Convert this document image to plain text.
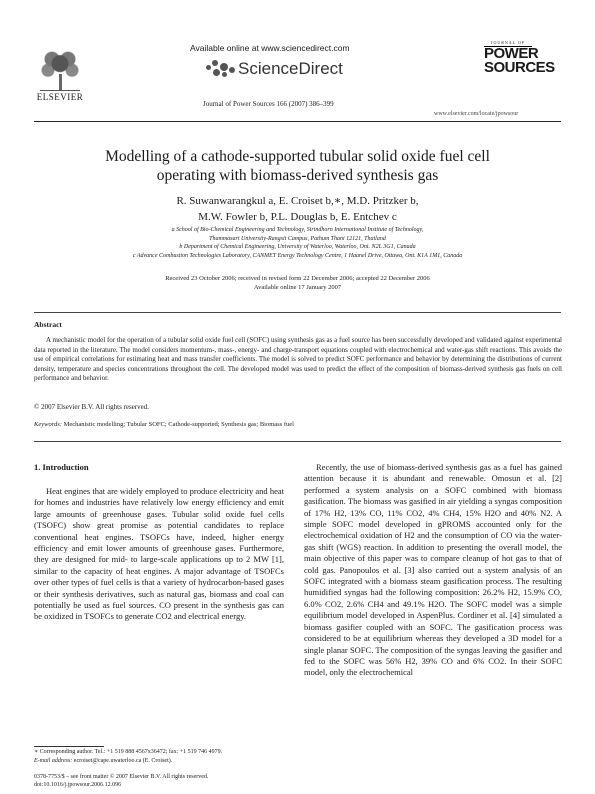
ELSEVIER
Available online at www.sciencedirect.com
ScienceDirect
Journal of Power Sources 166 (2007) 386–399
JOURNAL OF
POWER
SOURCES
www.elsevier.com/locate/jpowsour
Modelling of a cathode-supported tubular solid oxide fuel cell
operating with biomass-derived synthesis gas
R. Suwanwarangkul a, E. Croiset b,∗, M.D. Pritzker b,
M.W. Fowler b, P.L. Douglas b, E. Entchev c
a School of Bio-Chemical Engineering and Technology, Sirindhorn International Institute of Technology,
Thammasart University-Rangsit Campus, Pathum Thani 12121, Thailand
b Department of Chemical Engineering, University of Waterloo, Waterloo, Ont. N2L 3G1, Canada
c Advance Combustion Technologies Laboratory, CANMET Energy Technology Centre, 1 Haanel Drive, Ottawa, Ont. K1A 1M1, Canada
Received 23 October 2006; received in revised form 22 December 2006; accepted 22 December 2006
Available online 17 January 2007
Abstract
A mechanistic model for the operation of a tubular solid oxide fuel cell (SOFC) using synthesis gas as a fuel source has been successfully developed and validated against experimental data reported in the literature. The model considers momentum-, mass-, energy- and charge-transport equations coupled with electrochemical and water-gas shift reactions. This avoids the use of empirical correlations for estimating heat and mass transfer coefficients. The model is solved to predict SOFC performance and behavior by determining the distributions of current density, temperature and species concentrations throughout the cell. The developed model was used to predict the effect of the composition of biomass-derived synthesis gas fuels on cell performance and behavior.
© 2007 Elsevier B.V. All rights reserved.
Keywords: Mechanistic modelling; Tubular SOFC; Cathode-supported; Synthesis gas; Biomass fuel
1. Introduction
Heat engines that are widely employed to produce electricity and heat for homes and industries have relatively low energy efficiency and emit large amounts of greenhouse gases. Tubular solid oxide fuel cells (TSOFC) show great promise as potential candidates to replace conventional heat engines. TSOFCs have, indeed, higher energy efficiency and emit lower amounts of greenhouse gases. Furthermore, they are designed for mid- to large-scale applications up to 2 MW [1], similar to the capacity of heat engines. A major advantage of TSOFCs over other types of fuel cells is that a variety of hydrocarbon-based gases or their synthesis derivatives, such as natural gas, biomass and coal can potentially be used as fuel sources. CO present in the synthesis gas can be oxidized in TSOFCs to generate CO2 and electrical energy.
Recently, the use of biomass-derived synthesis gas as a fuel has gained attention because it is abundant and renewable. Omosun et al. [2] performed a system analysis on a SOFC combined with biomass gasification. The biomass was gasified in air yielding a syngas composition of 17% H2, 13% CO, 11% CO2, 4% CH4, 15% H2O and 40% N2. A simple SOFC model developed in gPROMS accounted only for the electrochemical oxidation of H2 and the consumption of CO via the water-gas shift (WGS) reaction. In addition to presenting the overall model, the main objective of this paper was to compare cleanup of hot gas to that of cold gas. Panopoulos et al. [3] also carried out a system analysis of an SOFC integrated with a biomass steam gasification process. The resulting humidified syngas had the following composition: 26.2% H2, 15.9% CO, 6.0% CO2, 2.6% CH4 and 49.1% H2O. The SOFC model was a simple equilibrium model developed in AspenPlus. Cordiner et al. [4] simulated a biomass gasifier coupled with an SOFC. The gasification process was considered to be at equilibrium whereas they developed a 3D model for a single planar SOFC. The composition of the syngas leaving the gasifier and fed to the SOFC was 56% H2, 39% CO and 6% CO2. In their SOFC model, only the electrochemical
∗ Corresponding author. Tel.: +1 519 888 4567x36472; fax: +1 519 746 4979.
E-mail address: ecroiset@cape.uwaterloo.ca (E. Croiset).
0378-7753/$ – see front matter © 2007 Elsevier B.V. All rights reserved.
doi:10.1016/j.jpowsour.2006.12.096
